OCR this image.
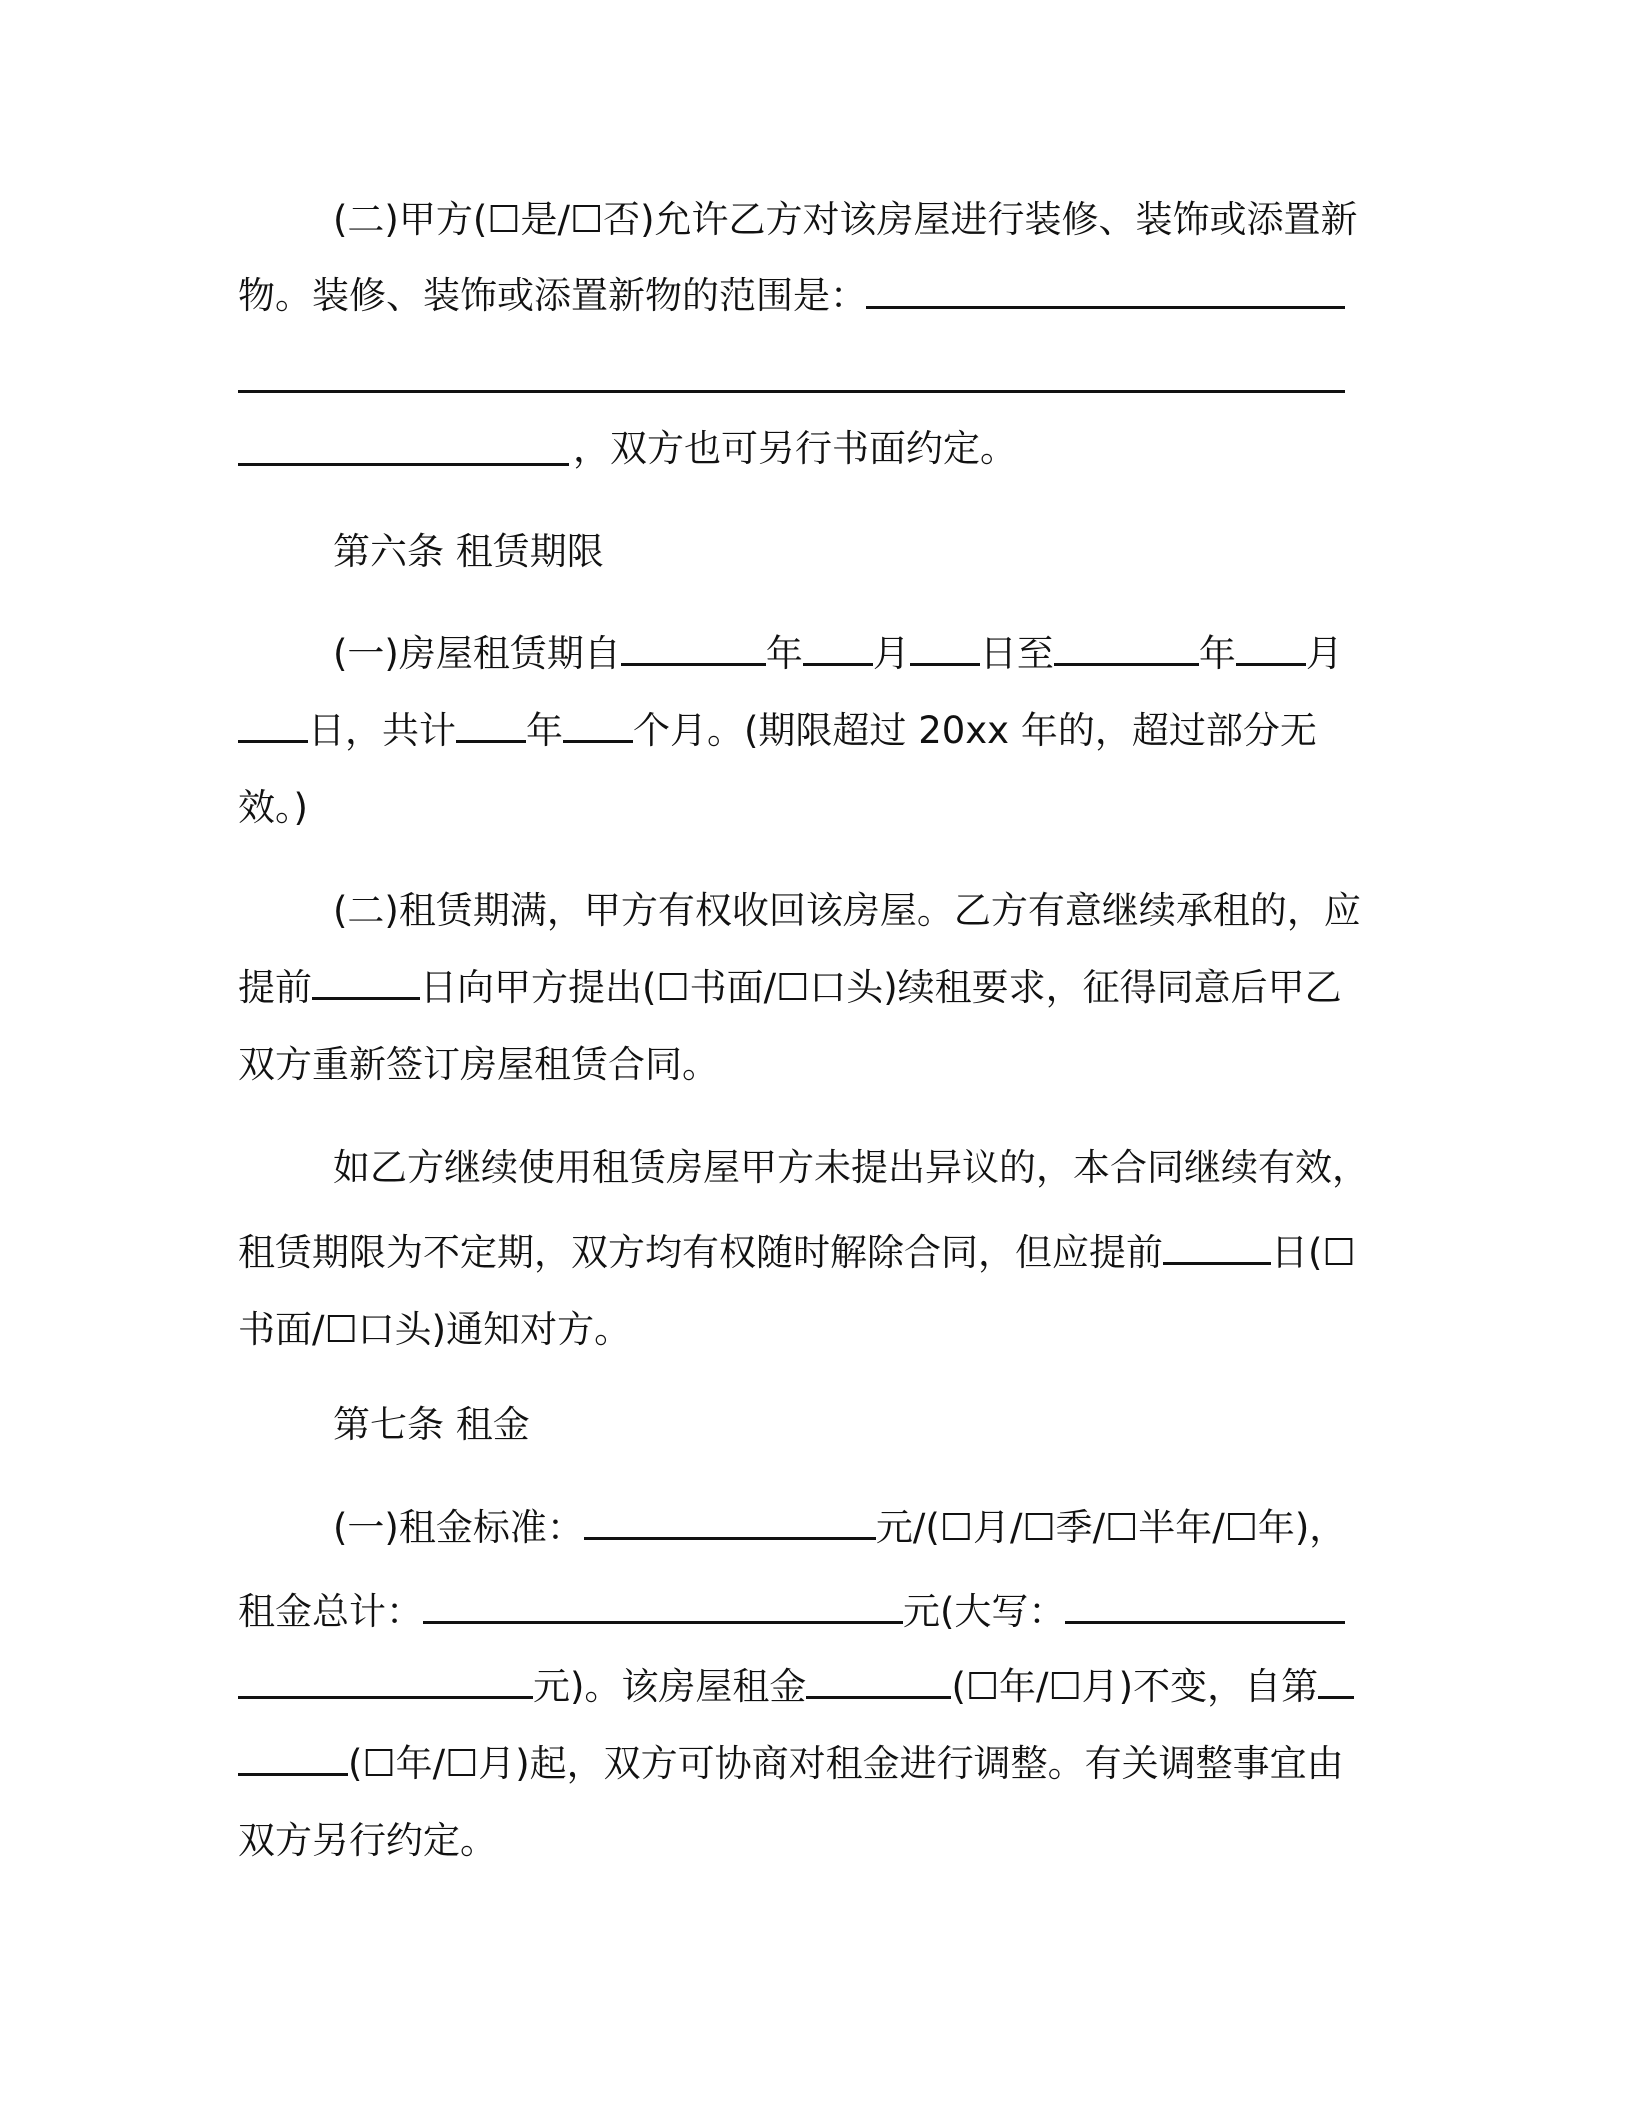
(二)甲方(☐是/☐否)允许乙方对该房屋进行装修、装饰或添置新
物。装修、装饰或添置新物的范围是：
，双方也可另行书面约定。
第六条 租赁期限
(一)房屋租赁期自	年 月 日至	年 月
日，共计 年 个月。(期限超过 20xx 年的，超过部分无
效。)
(二)租赁期满，甲方有权收回该房屋。乙方有意继续承租的，应
提前	日向甲方提出(☐书面/☐口头)续租要求，征得同意后甲乙
双方重新签订房屋租赁合同。
如乙方继续使用租赁房屋甲方未提出异议的，本合同继续有效，
租赁期限为不定期，双方均有权随时解除合同，但应提前	日(☐
书面/☐口头)通知对方。
第七条 租金
(一)租金标准：	元/(☐月/☐季/☐半年/☐年)，
租金总计：	元(大写：
元)。该房屋租金	(☐年/☐月)不变，自第
(☐年/☐月)起，双方可协商对租金进行调整。有关调整事宜由
双方另行约定。
